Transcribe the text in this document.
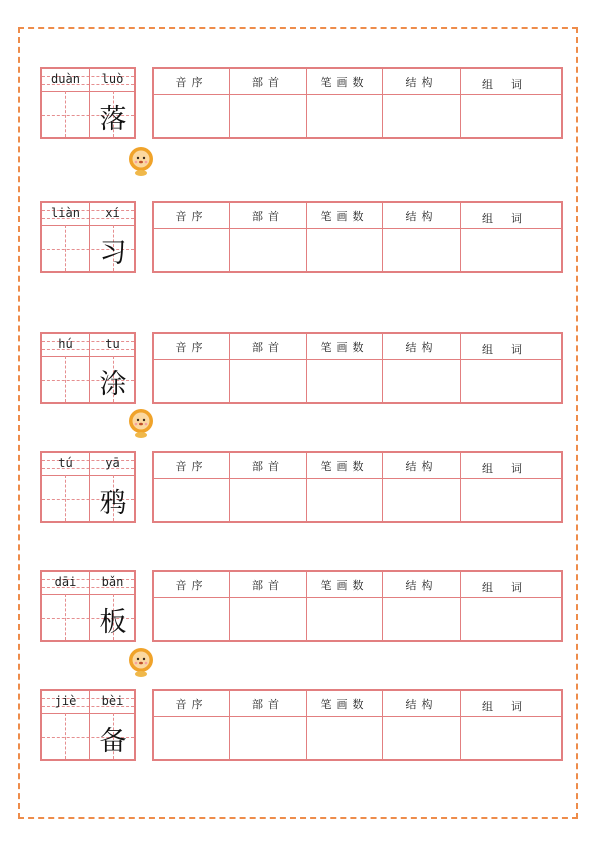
duàn	luò
落
音序	部首	笔画数	结构	组词
liàn	xí
习
音序	部首	笔画数	结构	组词
hú	tu
涂
音序	部首	笔画数	结构	组词
tú	yā
鸦
音序	部首	笔画数	结构	组词
dāi	bǎn
板
音序	部首	笔画数	结构	组词
jiè	bèi
备
音序	部首	笔画数	结构	组词
